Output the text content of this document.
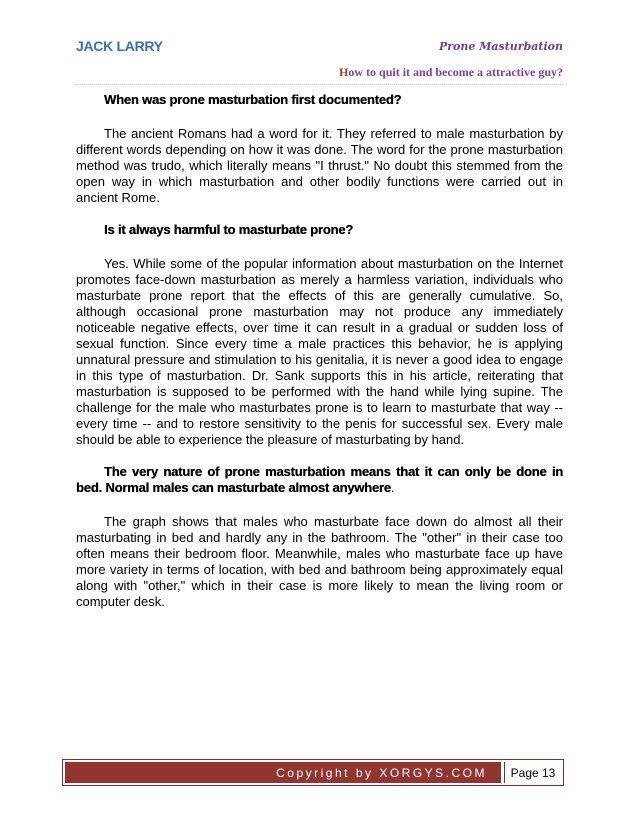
JACK LARRY	Prone Masturbation
How to quit it and become a attractive guy?
When was prone masturbation first documented?
The ancient Romans had a word for it. They referred to male masturbation by different words depending on how it was done. The word for the prone masturbation method was trudo, which literally means "I thrust." No doubt this stemmed from the open way in which masturbation and other bodily functions were carried out in ancient Rome.
Is it always harmful to masturbate prone?
Yes. While some of the popular information about masturbation on the Internet promotes face-down masturbation as merely a harmless variation, individuals who masturbate prone report that the effects of this are generally cumulative. So, although occasional prone masturbation may not produce any immediately noticeable negative effects, over time it can result in a gradual or sudden loss of sexual function. Since every time a male practices this behavior, he is applying unnatural pressure and stimulation to his genitalia, it is never a good idea to engage in this type of masturbation. Dr. Sank supports this in his article, reiterating that masturbation is supposed to be performed with the hand while lying supine. The challenge for the male who masturbates prone is to learn to masturbate that way -- every time -- and to restore sensitivity to the penis for successful sex. Every male should be able to experience the pleasure of masturbating by hand.
The very nature of prone masturbation means that it can only be done in bed. Normal males can masturbate almost anywhere.
The graph shows that males who masturbate face down do almost all their masturbating in bed and hardly any in the bathroom. The "other" in their case too often means their bedroom floor. Meanwhile, males who masturbate face up have more variety in terms of location, with bed and bathroom being approximately equal along with "other," which in their case is more likely to mean the living room or computer desk.
Copyright by XORGYS.COM	Page 13
